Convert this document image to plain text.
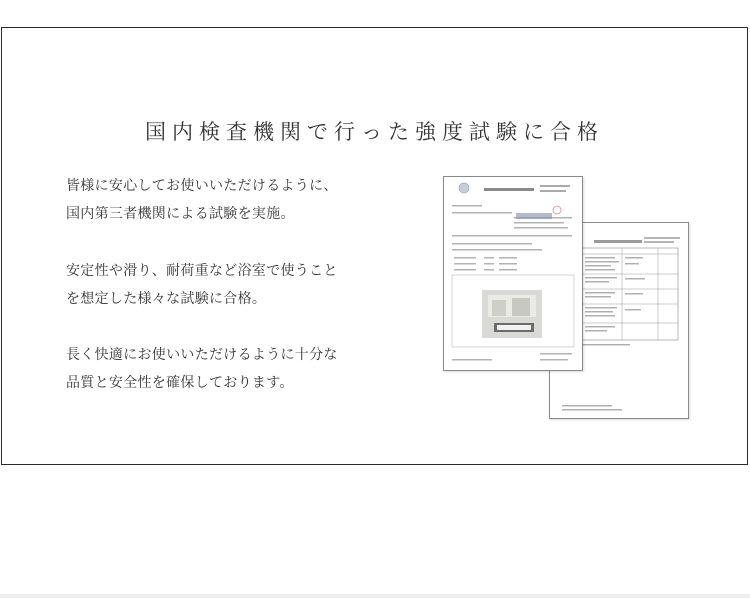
国内検査機関で行った強度試験に合格
皆様に安心してお使いいただけるように、
国内第三者機関による試験を実施。
安定性や滑り、耐荷重など浴室で使うこと
を想定した様々な試験に合格。
長く快適にお使いいただけるように十分な
品質と安全性を確保しております。
